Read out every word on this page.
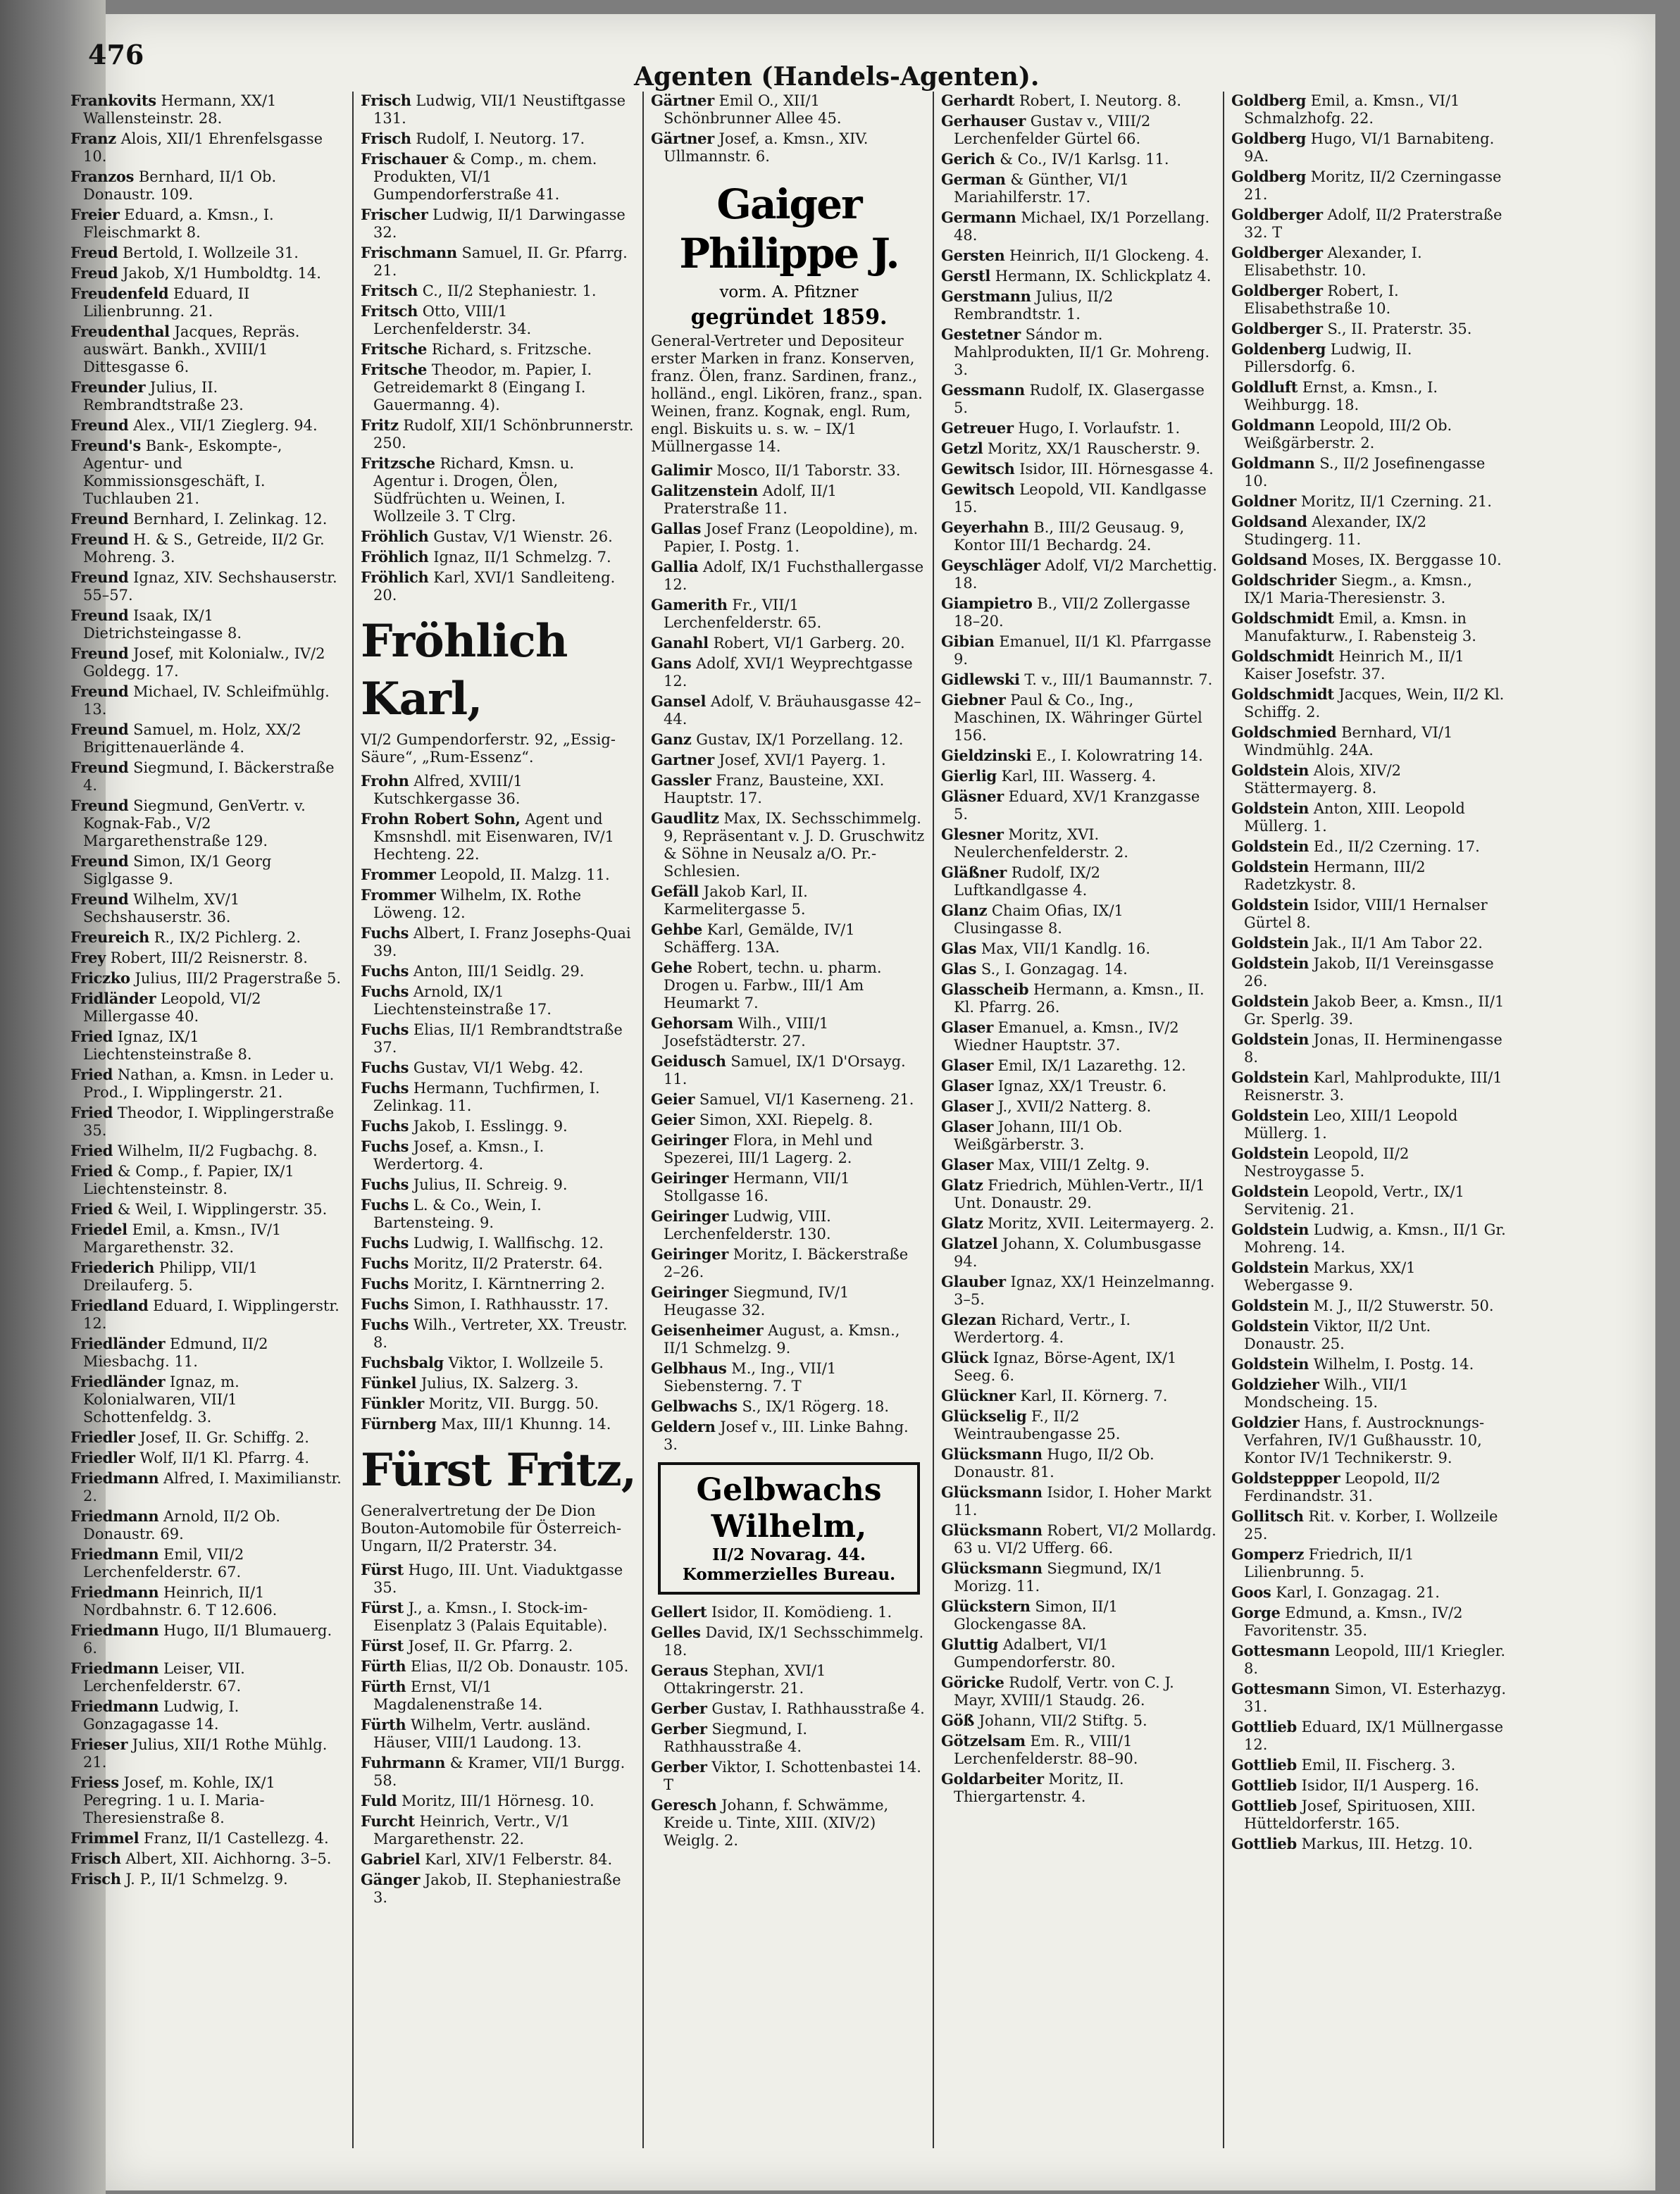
476
Agenten (Handels-Agenten).
Frankovits Hermann, XX/1 Wallensteinstr. 28.
Franz Alois, XII/1 Ehrenfelsgasse 10.
Franzos Bernhard, II/1 Ob. Donaustr. 109.
Freier Eduard, a. Kmsn., I. Fleischmarkt 8.
Freud Bertold, I. Wollzeile 31.
Freud Jakob, X/1 Humboldtg. 14.
Freudenfeld Eduard, II Lilienbrunng. 21.
Freudenthal Jacques, Repräs. auswärt. Bankh., XVIII/1 Dittesgasse 6.
Freunder Julius, II. Rembrandtstraße 23.
Freund Alex., VII/1 Zieglerg. 94.
Freund's Bank-, Eskompte-, Agentur- und Kommissionsgeschäft, I. Tuchlauben 21.
Freund Bernhard, I. Zelinkag. 12.
Freund H. & S., Getreide, II/2 Gr. Mohreng. 3.
Freund Ignaz, XIV. Sechshauserstr. 55–57.
Freund Isaak, IX/1 Dietrichsteingasse 8.
Freund Josef, mit Kolonialw., IV/2 Goldegg. 17.
Freund Michael, IV. Schleifmühlg. 13.
Freund Samuel, m. Holz, XX/2 Brigittenauerlände 4.
Freund Siegmund, I. Bäckerstraße 4.
Freund Siegmund, GenVertr. v. Kognak-Fab., V/2 Margarethenstraße 129.
Freund Simon, IX/1 Georg Siglgasse 9.
Freund Wilhelm, XV/1 Sechshauserstr. 36.
Freureich R., IX/2 Pichlerg. 2.
Frey Robert, III/2 Reisnerstr. 8.
Friczko Julius, III/2 Pragerstraße 5.
Fridländer Leopold, VI/2 Millergasse 40.
Fried Ignaz, IX/1 Liechtensteinstraße 8.
Fried Nathan, a. Kmsn. in Leder u. Prod., I. Wipplingerstr. 21.
Fried Theodor, I. Wipplingerstraße 35.
Fried Wilhelm, II/2 Fugbachg. 8.
Fried & Comp., f. Papier, IX/1 Liechtensteinstr. 8.
Fried & Weil, I. Wipplingerstr. 35.
Friedel Emil, a. Kmsn., IV/1 Margarethenstr. 32.
Friederich Philipp, VII/1 Dreilauferg. 5.
Friedland Eduard, I. Wipplingerstr. 12.
Friedländer Edmund, II/2 Miesbachg. 11.
Friedländer Ignaz, m. Kolonialwaren, VII/1 Schottenfeldg. 3.
Friedler Josef, II. Gr. Schiffg. 2.
Friedler Wolf, II/1 Kl. Pfarrg. 4.
Friedmann Alfred, I. Maximilianstr. 2.
Friedmann Arnold, II/2 Ob. Donaustr. 69.
Friedmann Emil, VII/2 Lerchenfelderstr. 67.
Friedmann Heinrich, II/1 Nordbahnstr. 6. T 12.606.
Friedmann Hugo, II/1 Blumauerg. 6.
Friedmann Leiser, VII. Lerchenfelderstr. 67.
Friedmann Ludwig, I. Gonzagagasse 14.
Frieser Julius, XII/1 Rothe Mühlg. 21.
Friess Josef, m. Kohle, IX/1 Peregring. 1 u. I. Maria-Theresienstraße 8.
Frimmel Franz, II/1 Castellezg. 4.
Frisch Albert, XII. Aichhorng. 3–5.
Frisch J. P., II/1 Schmelzg. 9.
Frisch Ludwig, VII/1 Neustiftgasse 131.
Frisch Rudolf, I. Neutorg. 17.
Frischauer & Comp., m. chem. Produkten, VI/1 Gumpendorferstraße 41.
Frischer Ludwig, II/1 Darwingasse 32.
Frischmann Samuel, II. Gr. Pfarrg. 21.
Fritsch C., II/2 Stephaniestr. 1.
Fritsch Otto, VIII/1 Lerchenfelderstr. 34.
Fritsche Richard, s. Fritzsche.
Fritsche Theodor, m. Papier, I. Getreidemarkt 8 (Eingang I. Gauermanng. 4).
Fritz Rudolf, XII/1 Schönbrunnerstr. 250.
Fritzsche Richard, Kmsn. u. Agentur i. Drogen, Ölen, Südfrüchten u. Weinen, I. Wollzeile 3. T Clrg.
Fröhlich Gustav, V/1 Wienstr. 26.
Fröhlich Ignaz, II/1 Schmelzg. 7.
Fröhlich Karl, XVI/1 Sandleiteng. 20.
Fröhlich Karl,
VI/2 Gumpendorferstr. 92, „Essig-Säure“, „Rum-Essenz“.
Frohn Alfred, XVIII/1 Kutschkergasse 36.
Frohn Robert Sohn, Agent und Kmsnshdl. mit Eisenwaren, IV/1 Hechteng. 22.
Frommer Leopold, II. Malzg. 11.
Frommer Wilhelm, IX. Rothe Löweng. 12.
Fuchs Albert, I. Franz Josephs-Quai 39.
Fuchs Anton, III/1 Seidlg. 29.
Fuchs Arnold, IX/1 Liechtensteinstraße 17.
Fuchs Elias, II/1 Rembrandtstraße 37.
Fuchs Gustav, VI/1 Webg. 42.
Fuchs Hermann, Tuchfirmen, I. Zelinkag. 11.
Fuchs Jakob, I. Esslingg. 9.
Fuchs Josef, a. Kmsn., I. Werdertorg. 4.
Fuchs Julius, II. Schreig. 9.
Fuchs L. & Co., Wein, I. Bartensteing. 9.
Fuchs Ludwig, I. Wallfischg. 12.
Fuchs Moritz, II/2 Praterstr. 64.
Fuchs Moritz, I. Kärntnerring 2.
Fuchs Simon, I. Rathhausstr. 17.
Fuchs Wilh., Vertreter, XX. Treustr. 8.
Fuchsbalg Viktor, I. Wollzeile 5.
Fünkel Julius, IX. Salzerg. 3.
Fünkler Moritz, VII. Burgg. 50.
Fürnberg Max, III/1 Khunng. 14.
Fürst Fritz,
Generalvertretung der De Dion Bouton-Automobile für Österreich-Ungarn, II/2 Praterstr. 34.
Fürst Hugo, III. Unt. Viaduktgasse 35.
Fürst J., a. Kmsn., I. Stock-im-Eisenplatz 3 (Palais Equitable).
Fürst Josef, II. Gr. Pfarrg. 2.
Fürth Elias, II/2 Ob. Donaustr. 105.
Fürth Ernst, VI/1 Magdalenenstraße 14.
Fürth Wilhelm, Vertr. ausländ. Häuser, VIII/1 Laudong. 13.
Fuhrmann & Kramer, VII/1 Burgg. 58.
Fuld Moritz, III/1 Hörnesg. 10.
Furcht Heinrich, Vertr., V/1 Margarethenstr. 22.
Gabriel Karl, XIV/1 Felberstr. 84.
Gänger Jakob, II. Stephaniestraße 3.
Gärtner Emil O., XII/1 Schönbrunner Allee 45.
Gärtner Josef, a. Kmsn., XIV. Ullmannstr. 6.
Gaiger Philippe J.
vorm. A. Pfitzner
gegründet 1859.
General-Vertreter und Depositeur erster Marken in franz. Konserven, franz. Ölen, franz. Sardinen, franz., holländ., engl. Likören, franz., span. Weinen, franz. Kognak, engl. Rum, engl. Biskuits u. s. w. – IX/1 Müllnergasse 14.
Galimir Mosco, II/1 Taborstr. 33.
Galitzenstein Adolf, II/1 Praterstraße 11.
Gallas Josef Franz (Leopoldine), m. Papier, I. Postg. 1.
Gallia Adolf, IX/1 Fuchsthallergasse 12.
Gamerith Fr., VII/1 Lerchenfelderstr. 65.
Ganahl Robert, VI/1 Garberg. 20.
Gans Adolf, XVI/1 Weyprechtgasse 12.
Gansel Adolf, V. Bräuhausgasse 42–44.
Ganz Gustav, IX/1 Porzellang. 12.
Gartner Josef, XVI/1 Payerg. 1.
Gassler Franz, Bausteine, XXI. Hauptstr. 17.
Gaudlitz Max, IX. Sechsschimmelg. 9, Repräsentant v. J. D. Gruschwitz & Söhne in Neusalz a/O. Pr.-Schlesien.
Gefäll Jakob Karl, II. Karmelitergasse 5.
Gehbe Karl, Gemälde, IV/1 Schäfferg. 13A.
Gehe Robert, techn. u. pharm. Drogen u. Farbw., III/1 Am Heumarkt 7.
Gehorsam Wilh., VIII/1 Josefstädterstr. 27.
Geidusch Samuel, IX/1 D'Orsayg. 11.
Geier Samuel, VI/1 Kaserneng. 21.
Geier Simon, XXI. Riepelg. 8.
Geiringer Flora, in Mehl und Spezerei, III/1 Lagerg. 2.
Geiringer Hermann, VII/1 Stollgasse 16.
Geiringer Ludwig, VIII. Lerchenfelderstr. 130.
Geiringer Moritz, I. Bäckerstraße 2–26.
Geiringer Siegmund, IV/1 Heugasse 32.
Geisenheimer August, a. Kmsn., II/1 Schmelzg. 9.
Gelbhaus M., Ing., VII/1 Siebensterng. 7. T
Gelbwachs S., IX/1 Rögerg. 18.
Geldern Josef v., III. Linke Bahng. 3.
Gelbwachs Wilhelm,
II/2 Novarag. 44.
Kommerzielles Bureau.
Gellert Isidor, II. Komödieng. 1.
Gelles David, IX/1 Sechsschimmelg. 18.
Geraus Stephan, XVI/1 Ottakringerstr. 21.
Gerber Gustav, I. Rathhausstraße 4.
Gerber Siegmund, I. Rathhausstraße 4.
Gerber Viktor, I. Schottenbastei 14. T
Geresch Johann, f. Schwämme, Kreide u. Tinte, XIII. (XIV/2) Weiglg. 2.
Gerhardt Robert, I. Neutorg. 8.
Gerhauser Gustav v., VIII/2 Lerchenfelder Gürtel 66.
Gerich & Co., IV/1 Karlsg. 11.
German & Günther, VI/1 Mariahilferstr. 17.
Germann Michael, IX/1 Porzellang. 48.
Gersten Heinrich, II/1 Glockeng. 4.
Gerstl Hermann, IX. Schlickplatz 4.
Gerstmann Julius, II/2 Rembrandtstr. 1.
Gestetner Sándor m. Mahlprodukten, II/1 Gr. Mohreng. 3.
Gessmann Rudolf, IX. Glasergasse 5.
Getreuer Hugo, I. Vorlaufstr. 1.
Getzl Moritz, XX/1 Rauscherstr. 9.
Gewitsch Isidor, III. Hörnesgasse 4.
Gewitsch Leopold, VII. Kandlgasse 15.
Geyerhahn B., III/2 Geusaug. 9, Kontor III/1 Bechardg. 24.
Geyschläger Adolf, VI/2 Marchettig. 18.
Giampietro B., VII/2 Zollergasse 18–20.
Gibian Emanuel, II/1 Kl. Pfarrgasse 9.
Gidlewski T. v., III/1 Baumannstr. 7.
Giebner Paul & Co., Ing., Maschinen, IX. Währinger Gürtel 156.
Gieldzinski E., I. Kolowratring 14.
Gierlig Karl, III. Wasserg. 4.
Gläsner Eduard, XV/1 Kranzgasse 5.
Glesner Moritz, XVI. Neulerchenfelderstr. 2.
Gläßner Rudolf, IX/2 Luftkandlgasse 4.
Glanz Chaim Ofias, IX/1 Clusingasse 8.
Glas Max, VII/1 Kandlg. 16.
Glas S., I. Gonzagag. 14.
Glasscheib Hermann, a. Kmsn., II. Kl. Pfarrg. 26.
Glaser Emanuel, a. Kmsn., IV/2 Wiedner Hauptstr. 37.
Glaser Emil, IX/1 Lazarethg. 12.
Glaser Ignaz, XX/1 Treustr. 6.
Glaser J., XVII/2 Natterg. 8.
Glaser Johann, III/1 Ob. Weißgärberstr. 3.
Glaser Max, VIII/1 Zeltg. 9.
Glatz Friedrich, Mühlen-Vertr., II/1 Unt. Donaustr. 29.
Glatz Moritz, XVII. Leitermayerg. 2.
Glatzel Johann, X. Columbusgasse 94.
Glauber Ignaz, XX/1 Heinzelmanng. 3–5.
Glezan Richard, Vertr., I. Werdertorg. 4.
Glück Ignaz, Börse-Agent, IX/1 Seeg. 6.
Glückner Karl, II. Körnerg. 7.
Glückselig F., II/2 Weintraubengasse 25.
Glücksmann Hugo, II/2 Ob. Donaustr. 81.
Glücksmann Isidor, I. Hoher Markt 11.
Glücksmann Robert, VI/2 Mollardg. 63 u. VI/2 Ufferg. 66.
Glücksmann Siegmund, IX/1 Morizg. 11.
Glückstern Simon, II/1 Glockengasse 8A.
Gluttig Adalbert, VI/1 Gumpendorferstr. 80.
Göricke Rudolf, Vertr. von C. J. Mayr, XVIII/1 Staudg. 26.
Göß Johann, VII/2 Stiftg. 5.
Götzelsam Em. R., VIII/1 Lerchenfelderstr. 88–90.
Goldarbeiter Moritz, II. Thiergartenstr. 4.
Goldberg Emil, a. Kmsn., VI/1 Schmalzhofg. 22.
Goldberg Hugo, VI/1 Barnabiteng. 9A.
Goldberg Moritz, II/2 Czerningasse 21.
Goldberger Adolf, II/2 Praterstraße 32. T
Goldberger Alexander, I. Elisabethstr. 10.
Goldberger Robert, I. Elisabethstraße 10.
Goldberger S., II. Praterstr. 35.
Goldenberg Ludwig, II. Pillersdorfg. 6.
Goldluft Ernst, a. Kmsn., I. Weihburgg. 18.
Goldmann Leopold, III/2 Ob. Weißgärberstr. 2.
Goldmann S., II/2 Josefinengasse 10.
Goldner Moritz, II/1 Czerning. 21.
Goldsand Alexander, IX/2 Studingerg. 11.
Goldsand Moses, IX. Berggasse 10.
Goldschrider Siegm., a. Kmsn., IX/1 Maria-Theresienstr. 3.
Goldschmidt Emil, a. Kmsn. in Manufakturw., I. Rabensteig 3.
Goldschmidt Heinrich M., II/1 Kaiser Josefstr. 37.
Goldschmidt Jacques, Wein, II/2 Kl. Schiffg. 2.
Goldschmied Bernhard, VI/1 Windmühlg. 24A.
Goldstein Alois, XIV/2 Stättermayerg. 8.
Goldstein Anton, XIII. Leopold Müllerg. 1.
Goldstein Ed., II/2 Czerning. 17.
Goldstein Hermann, III/2 Radetzkystr. 8.
Goldstein Isidor, VIII/1 Hernalser Gürtel 8.
Goldstein Jak., II/1 Am Tabor 22.
Goldstein Jakob, II/1 Vereinsgasse 26.
Goldstein Jakob Beer, a. Kmsn., II/1 Gr. Sperlg. 39.
Goldstein Jonas, II. Herminengasse 8.
Goldstein Karl, Mahlprodukte, III/1 Reisnerstr. 3.
Goldstein Leo, XIII/1 Leopold Müllerg. 1.
Goldstein Leopold, II/2 Nestroygasse 5.
Goldstein Leopold, Vertr., IX/1 Servitenig. 21.
Goldstein Ludwig, a. Kmsn., II/1 Gr. Mohreng. 14.
Goldstein Markus, XX/1 Webergasse 9.
Goldstein M. J., II/2 Stuwerstr. 50.
Goldstein Viktor, II/2 Unt. Donaustr. 25.
Goldstein Wilhelm, I. Postg. 14.
Goldzieher Wilh., VII/1 Mondscheing. 15.
Goldzier Hans, f. Austrocknungs-Verfahren, IV/1 Gußhausstr. 10, Kontor IV/1 Technikerstr. 9.
Goldsteppper Leopold, II/2 Ferdinandstr. 31.
Gollitsch Rit. v. Korber, I. Wollzeile 25.
Gomperz Friedrich, II/1 Lilienbrunng. 5.
Goos Karl, I. Gonzagag. 21.
Gorge Edmund, a. Kmsn., IV/2 Favoritenstr. 35.
Gottesmann Leopold, III/1 Kriegler. 8.
Gottesmann Simon, VI. Esterhazyg. 31.
Gottlieb Eduard, IX/1 Müllnergasse 12.
Gottlieb Emil, II. Fischerg. 3.
Gottlieb Isidor, II/1 Ausperg. 16.
Gottlieb Josef, Spirituosen, XIII. Hütteldorferstr. 165.
Gottlieb Markus, III. Hetzg. 10.
